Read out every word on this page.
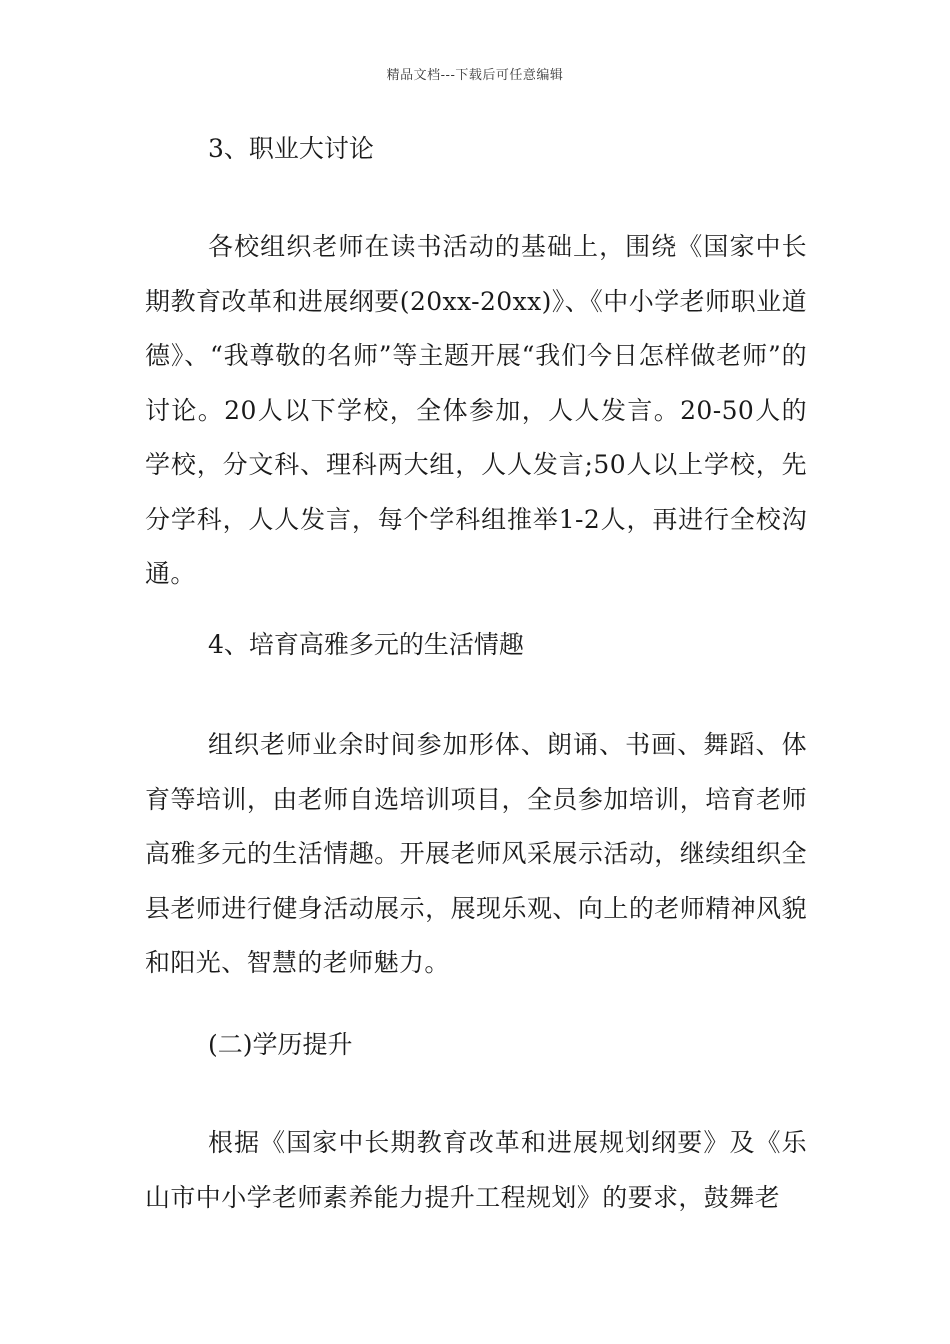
精品文档---下载后可任意编辑
3、职业大讨论

各校组织老师在读书活动的基础上，围绕《国家中长期教育改革和进展纲要(20xx-20xx)》、《中小学老师职业道德》、“我尊敬的名师”等主题开展“我们今日怎样做老师”的讨论。20人以下学校，全体参加，人人发言。20-50人的学校，分文科、理科两大组，人人发言;50人以上学校，先分学科，人人发言，每个学科组推举1-2人，再进行全校沟通。

4、培育高雅多元的生活情趣

组织老师业余时间参加形体、朗诵、书画、舞蹈、体育等培训，由老师自选培训项目，全员参加培训，培育老师高雅多元的生活情趣。开展老师风采展示活动，继续组织全县老师进行健身活动展示，展现乐观、向上的老师精神风貌和阳光、智慧的老师魅力。

(二)学历提升

根据《国家中长期教育改革和进展规划纲要》及《乐山市中小学老师素养能力提升工程规划》的要求，鼓舞老
